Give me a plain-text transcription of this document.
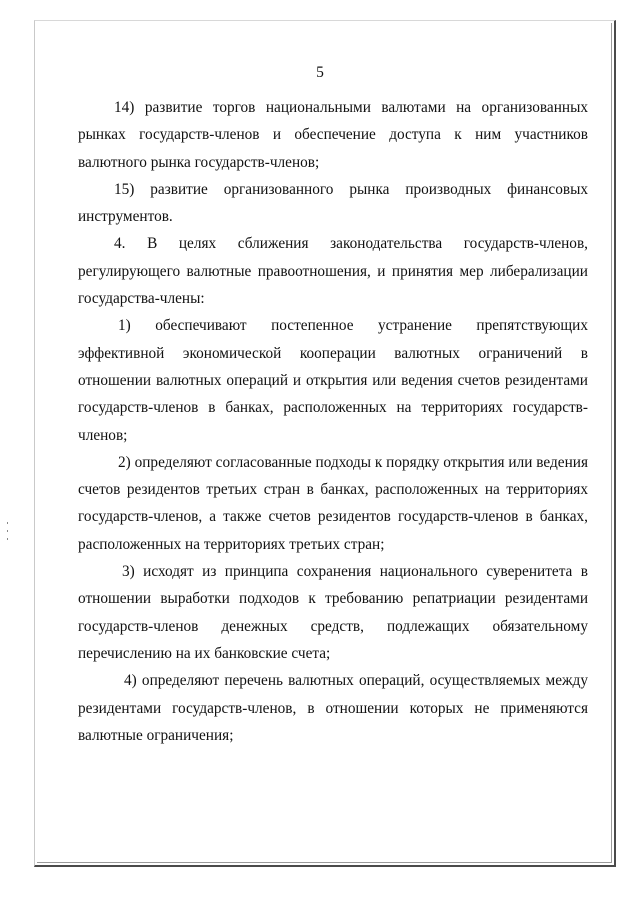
5

14) развитие торгов национальными валютами на организованных рынках государств-членов и обеспечение доступа к ним участников валютного рынка государств-членов;

15) развитие организованного рынка производных финансовых инструментов.

4. В целях сближения законодательства государств-членов, регулирующего валютные правоотношения, и принятия мер либерализации государства-члены:

1) обеспечивают постепенное устранение препятствующих эффективной экономической кооперации валютных ограничений в отношении валютных операций и открытия или ведения счетов резидентами государств-членов в банках, расположенных на территориях государств-членов;

2) определяют согласованные подходы к порядку открытия или ведения счетов резидентов третьих стран в банках, расположенных на территориях государств-членов, а также счетов резидентов государств-членов в банках, расположенных на территориях третьих стран;

3) исходят из принципа сохранения национального суверенитета в отношении выработки подходов к требованию репатриации резидентами государств-членов денежных средств, подлежащих обязательному перечислению на их банковские счета;

4) определяют перечень валютных операций, осуществляемых между резидентами государств-членов, в отношении которых не применяются валютные ограничения;
